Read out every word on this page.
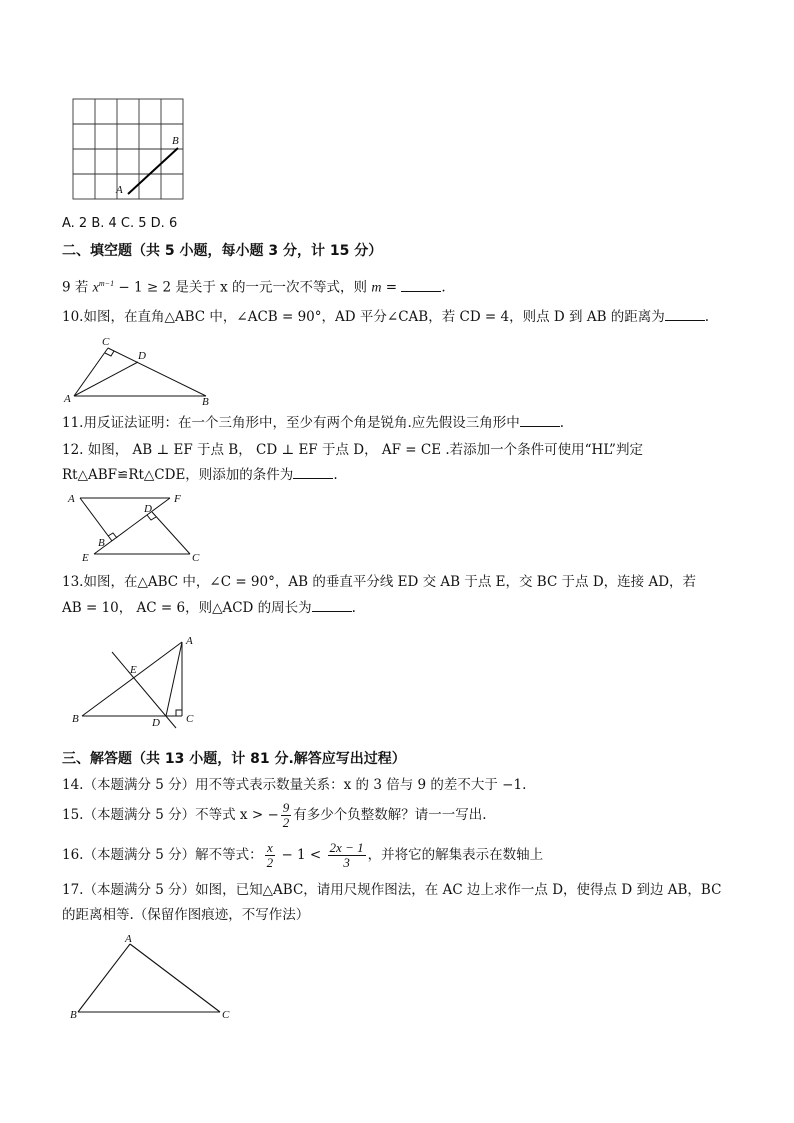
A
B
A. 2 B. 4 C. 5 D. 6
二、填空题（共 5 小题，每小题 3 分，计 15 分）
9 若 $x^{m-1} - 1 \ge 2$ 是关于 x 的一元一次不等式，则 m =	.
10.如图，在直角△ABC 中，∠ACB = 90°，AD 平分∠CAB，若 CD = 4，则点 D 到 AB 的距离为	.
C
D
A	B
11.用反证法证明：在一个三角形中，至少有两个角是锐角.应先假设三角形中	.
12. 如图， AB ⊥ EF 于点 B， CD ⊥ EF 于点 D， AF = CE .若添加一个条件可使用“HL”判定
Rt△ABF≌Rt△CDE，则添加的条件为	.
A	F
D
B
E	C
13.如图，在△ABC 中，∠C = 90°，AB 的垂直平分线 ED 交 AB 于点 E，交 BC 于点 D，连接 AD，若
AB = 10， AC = 6，则△ACD 的周长为	.
A
E
B	D C
三、解答题（共 13 小题，计 81 分.解答应写出过程）
14.（本题满分 5 分）用不等式表示数量关系：x 的 3 倍与 9 的差不大于 −1.
15.（本题满分 5 分）不等式 x > − $\frac{9}{2}$ 有多少个负整数解？请一一写出.
16.（本题满分 5 分）解不等式： $\frac{x}{2} - 1 < \frac{2x - 1}{3}$ ，并将它的解集表示在数轴上
17.（本题满分 5 分）如图，已知△ABC，请用尺规作图法，在 AC 边上求作一点 D，使得点 D 到边 AB，BC
的距离相等.（保留作图痕迹，不写作法）
A
B	C
